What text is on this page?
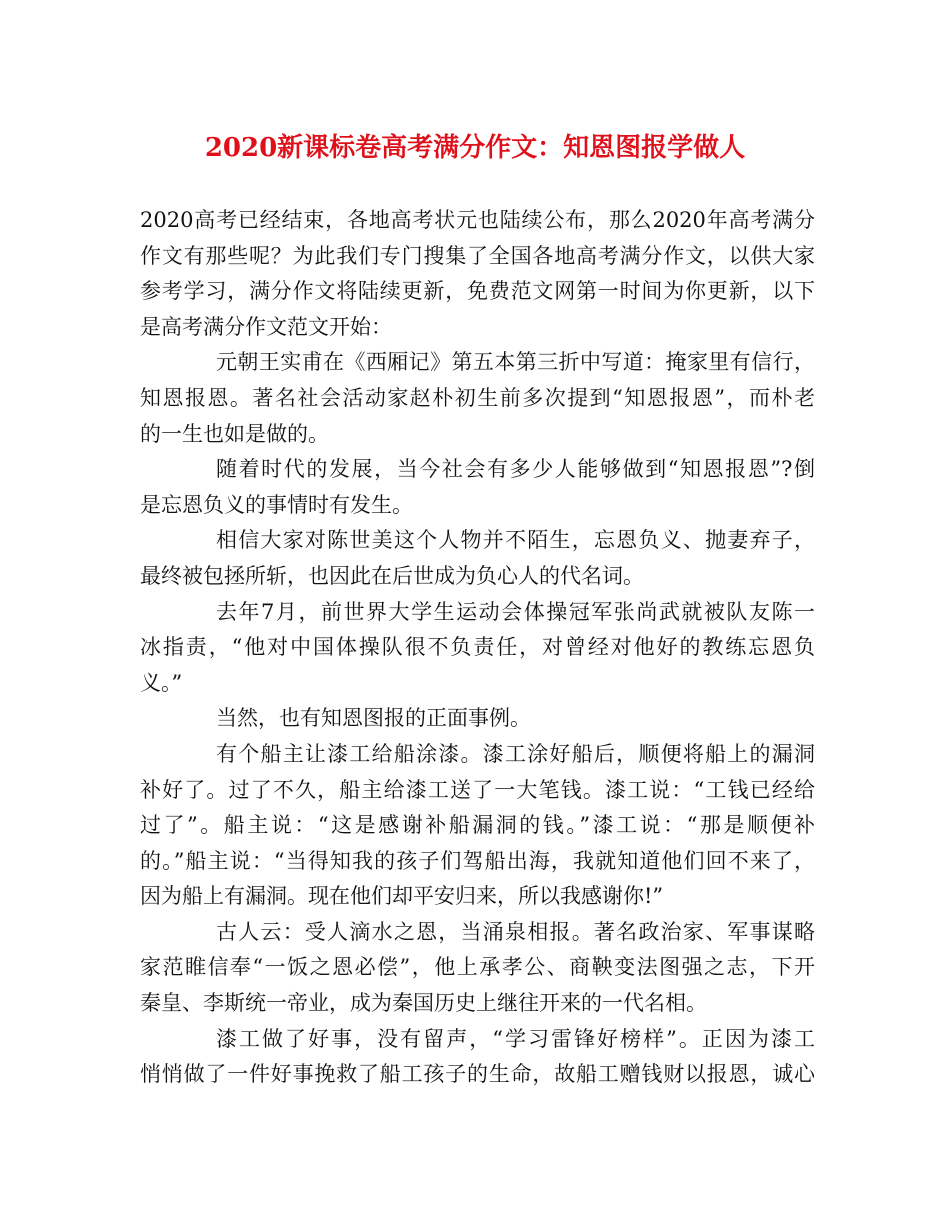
2020新课标卷高考满分作文：知恩图报学做人
2020高考已经结束，各地高考状元也陆续公布，那么2020年高考满分
作文有那些呢？为此我们专门搜集了全国各地高考满分作文，以供大家
参考学习，满分作文将陆续更新，免费范文网第一时间为你更新，以下
是高考满分作文范文开始：
元朝王实甫在《西厢记》第五本第三折中写道：掩家里有信行，
知恩报恩。著名社会活动家赵朴初生前多次提到“知恩报恩”，而朴老
的一生也如是做的。
随着时代的发展，当今社会有多少人能够做到“知恩报恩”?倒
是忘恩负义的事情时有发生。
相信大家对陈世美这个人物并不陌生，忘恩负义、抛妻弃子，
最终被包拯所斩，也因此在后世成为负心人的代名词。
去年7月，前世界大学生运动会体操冠军张尚武就被队友陈一
冰指责，“他对中国体操队很不负责任，对曾经对他好的教练忘恩负
义。”
当然，也有知恩图报的正面事例。
有个船主让漆工给船涂漆。漆工涂好船后，顺便将船上的漏洞
补好了。过了不久，船主给漆工送了一大笔钱。漆工说：“工钱已经给
过了”。船主说：“这是感谢补船漏洞的钱。”漆工说：“那是顺便补
的。”船主说：“当得知我的孩子们驾船出海，我就知道他们回不来了，
因为船上有漏洞。现在他们却平安归来，所以我感谢你!”
古人云：受人滴水之恩，当涌泉相报。著名政治家、军事谋略
家范睢信奉“一饭之恩必偿”，他上承孝公、商鞅变法图强之志，下开
秦皇、李斯统一帝业，成为秦国历史上继往开来的一代名相。
漆工做了好事，没有留声，“学习雷锋好榜样”。正因为漆工
悄悄做了一件好事挽救了船工孩子的生命，故船工赠钱财以报恩，诚心
